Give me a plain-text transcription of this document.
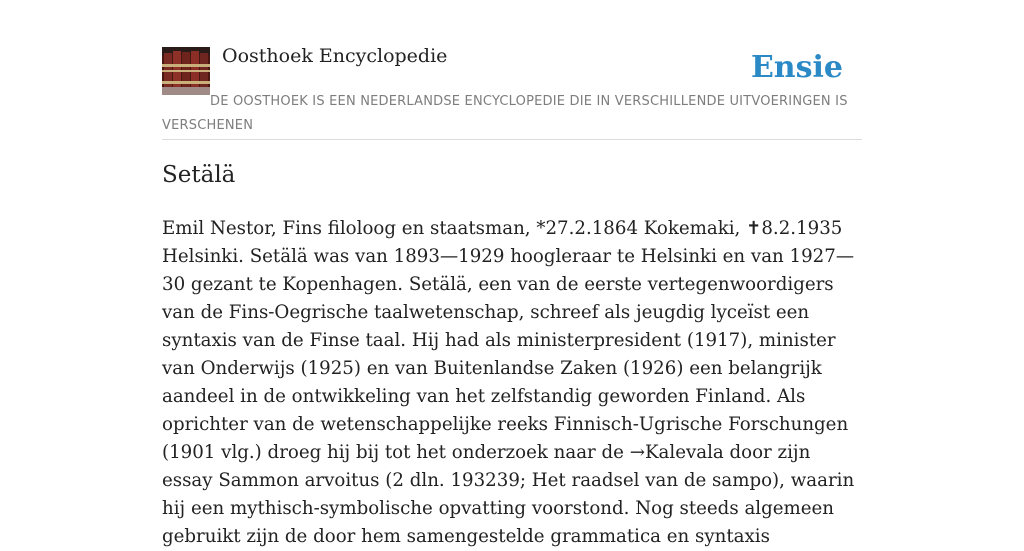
Oosthoek Encyclopedie	Ensie
DE OOSTHOEK IS EEN NEDERLANDSE ENCYCLOPEDIE DIE IN VERSCHILLENDE UITVOERINGEN IS VERSCHENEN
Setälä

Emil Nestor, Fins filoloog en staatsman, *27.2.1864 Kokemaki, ✝8.2.1935 Helsinki. Setälä was van 1893—1929 hoogleraar te Helsinki en van 1927—30 gezant te Kopenhagen. Setälä, een van de eerste vertegenwoordigers van de Fins-Oegrische taalwetenschap, schreef als jeugdig lyceïst een syntaxis van de Finse taal. Hij had als ministerpresident (1917), minister van Onderwijs (1925) en van Buitenlandse Zaken (1926) een belangrijk aandeel in de ontwikkeling van het zelfstandig geworden Finland. Als oprichter van de wetenschappelijke reeks Finnisch-Ugrische Forschungen (1901 vlg.) droeg hij bij tot het onderzoek naar de →Kalevala door zijn essay Sammon arvoitus (2 dln. 193239; Het raadsel van de sampo), waarin hij een mythisch-symbolische opvatting voorstond. Nog steeds algemeen gebruikt zijn de door hem samengestelde grammatica en syntaxis
